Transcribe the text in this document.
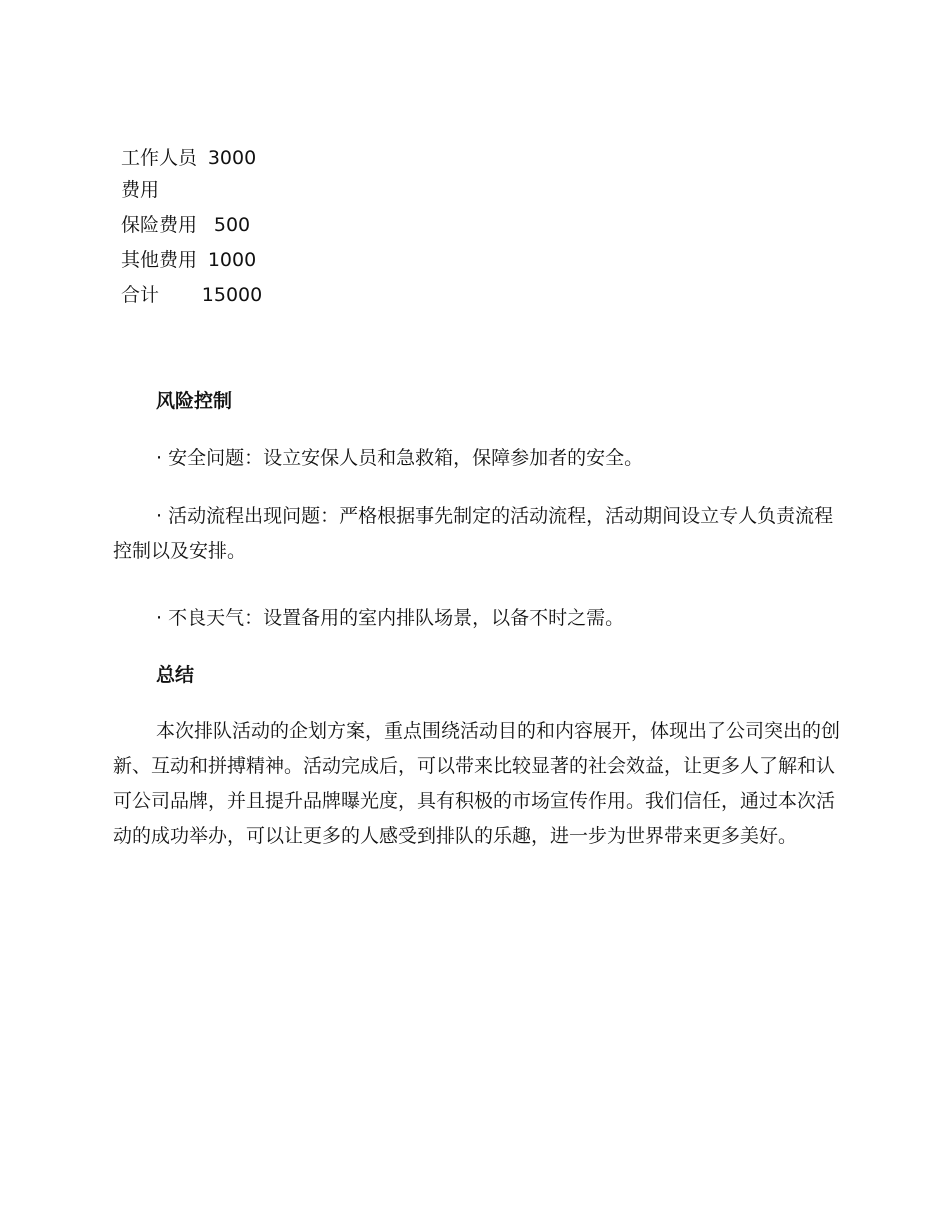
工作人员费用	3000
保险费用	500
其他费用	1000
合计	15000
风险控制

· 安全问题：设立安保人员和急救箱，保障参加者的安全。

· 活动流程出现问题：严格根据事先制定的活动流程，活动期间设立专人负责流程控制以及安排。

· 不良天气：设置备用的室内排队场景，以备不时之需。

总结

本次排队活动的企划方案，重点围绕活动目的和内容展开，体现出了公司突出的创新、互动和拼搏精神。活动完成后，可以带来比较显著的社会效益，让更多人了解和认可公司品牌，并且提升品牌曝光度，具有积极的市场宣传作用。我们信任，通过本次活动的成功举办，可以让更多的人感受到排队的乐趣，进一步为世界带来更多美好。
